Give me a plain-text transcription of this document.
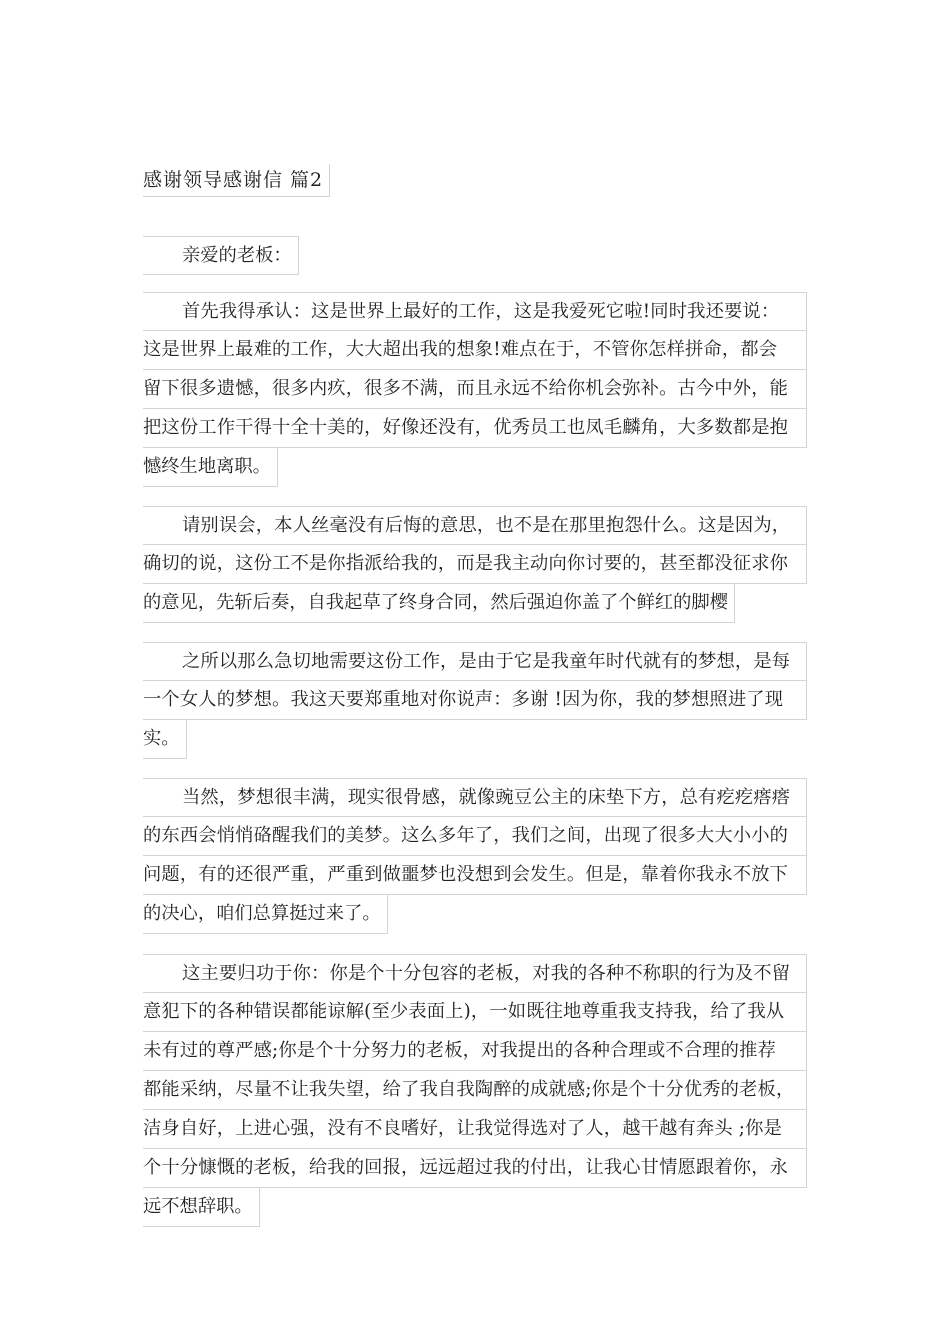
感谢领导感谢信 篇2
亲爱的老板：
首先我得承认：这是世界上最好的工作，这是我爱死它啦!同时我还要说：
这是世界上最难的工作，大大超出我的想象!难点在于，不管你怎样拼命，都会
留下很多遗憾，很多内疚，很多不满，而且永远不给你机会弥补。古今中外，能
把这份工作干得十全十美的，好像还没有，优秀员工也凤毛麟角，大多数都是抱
憾终生地离职。
请别误会，本人丝毫没有后悔的意思，也不是在那里抱怨什么。这是因为，
确切的说，这份工不是你指派给我的，而是我主动向你讨要的，甚至都没征求你
的意见，先斩后奏，自我起草了终身合同，然后强迫你盖了个鲜红的脚樱
之所以那么急切地需要这份工作，是由于它是我童年时代就有的梦想，是每
一个女人的梦想。我这天要郑重地对你说声：多谢 !因为你，我的梦想照进了现
实。
当然，梦想很丰满，现实很骨感，就像豌豆公主的床垫下方，总有疙疙瘩瘩
的东西会悄悄硌醒我们的美梦。这么多年了，我们之间，出现了很多大大小小的
问题，有的还很严重，严重到做噩梦也没想到会发生。但是，靠着你我永不放下
的决心，咱们总算挺过来了。
这主要归功于你：你是个十分包容的老板，对我的各种不称职的行为及不留
意犯下的各种错误都能谅解(至少表面上)，一如既往地尊重我支持我，给了我从
未有过的尊严感;你是个十分努力的老板，对我提出的各种合理或不合理的推荐
都能采纳，尽量不让我失望，给了我自我陶醉的成就感;你是个十分优秀的老板，
洁身自好，上进心强，没有不良嗜好，让我觉得选对了人，越干越有奔头 ;你是
个十分慷慨的老板，给我的回报，远远超过我的付出，让我心甘情愿跟着你，永
远不想辞职。
